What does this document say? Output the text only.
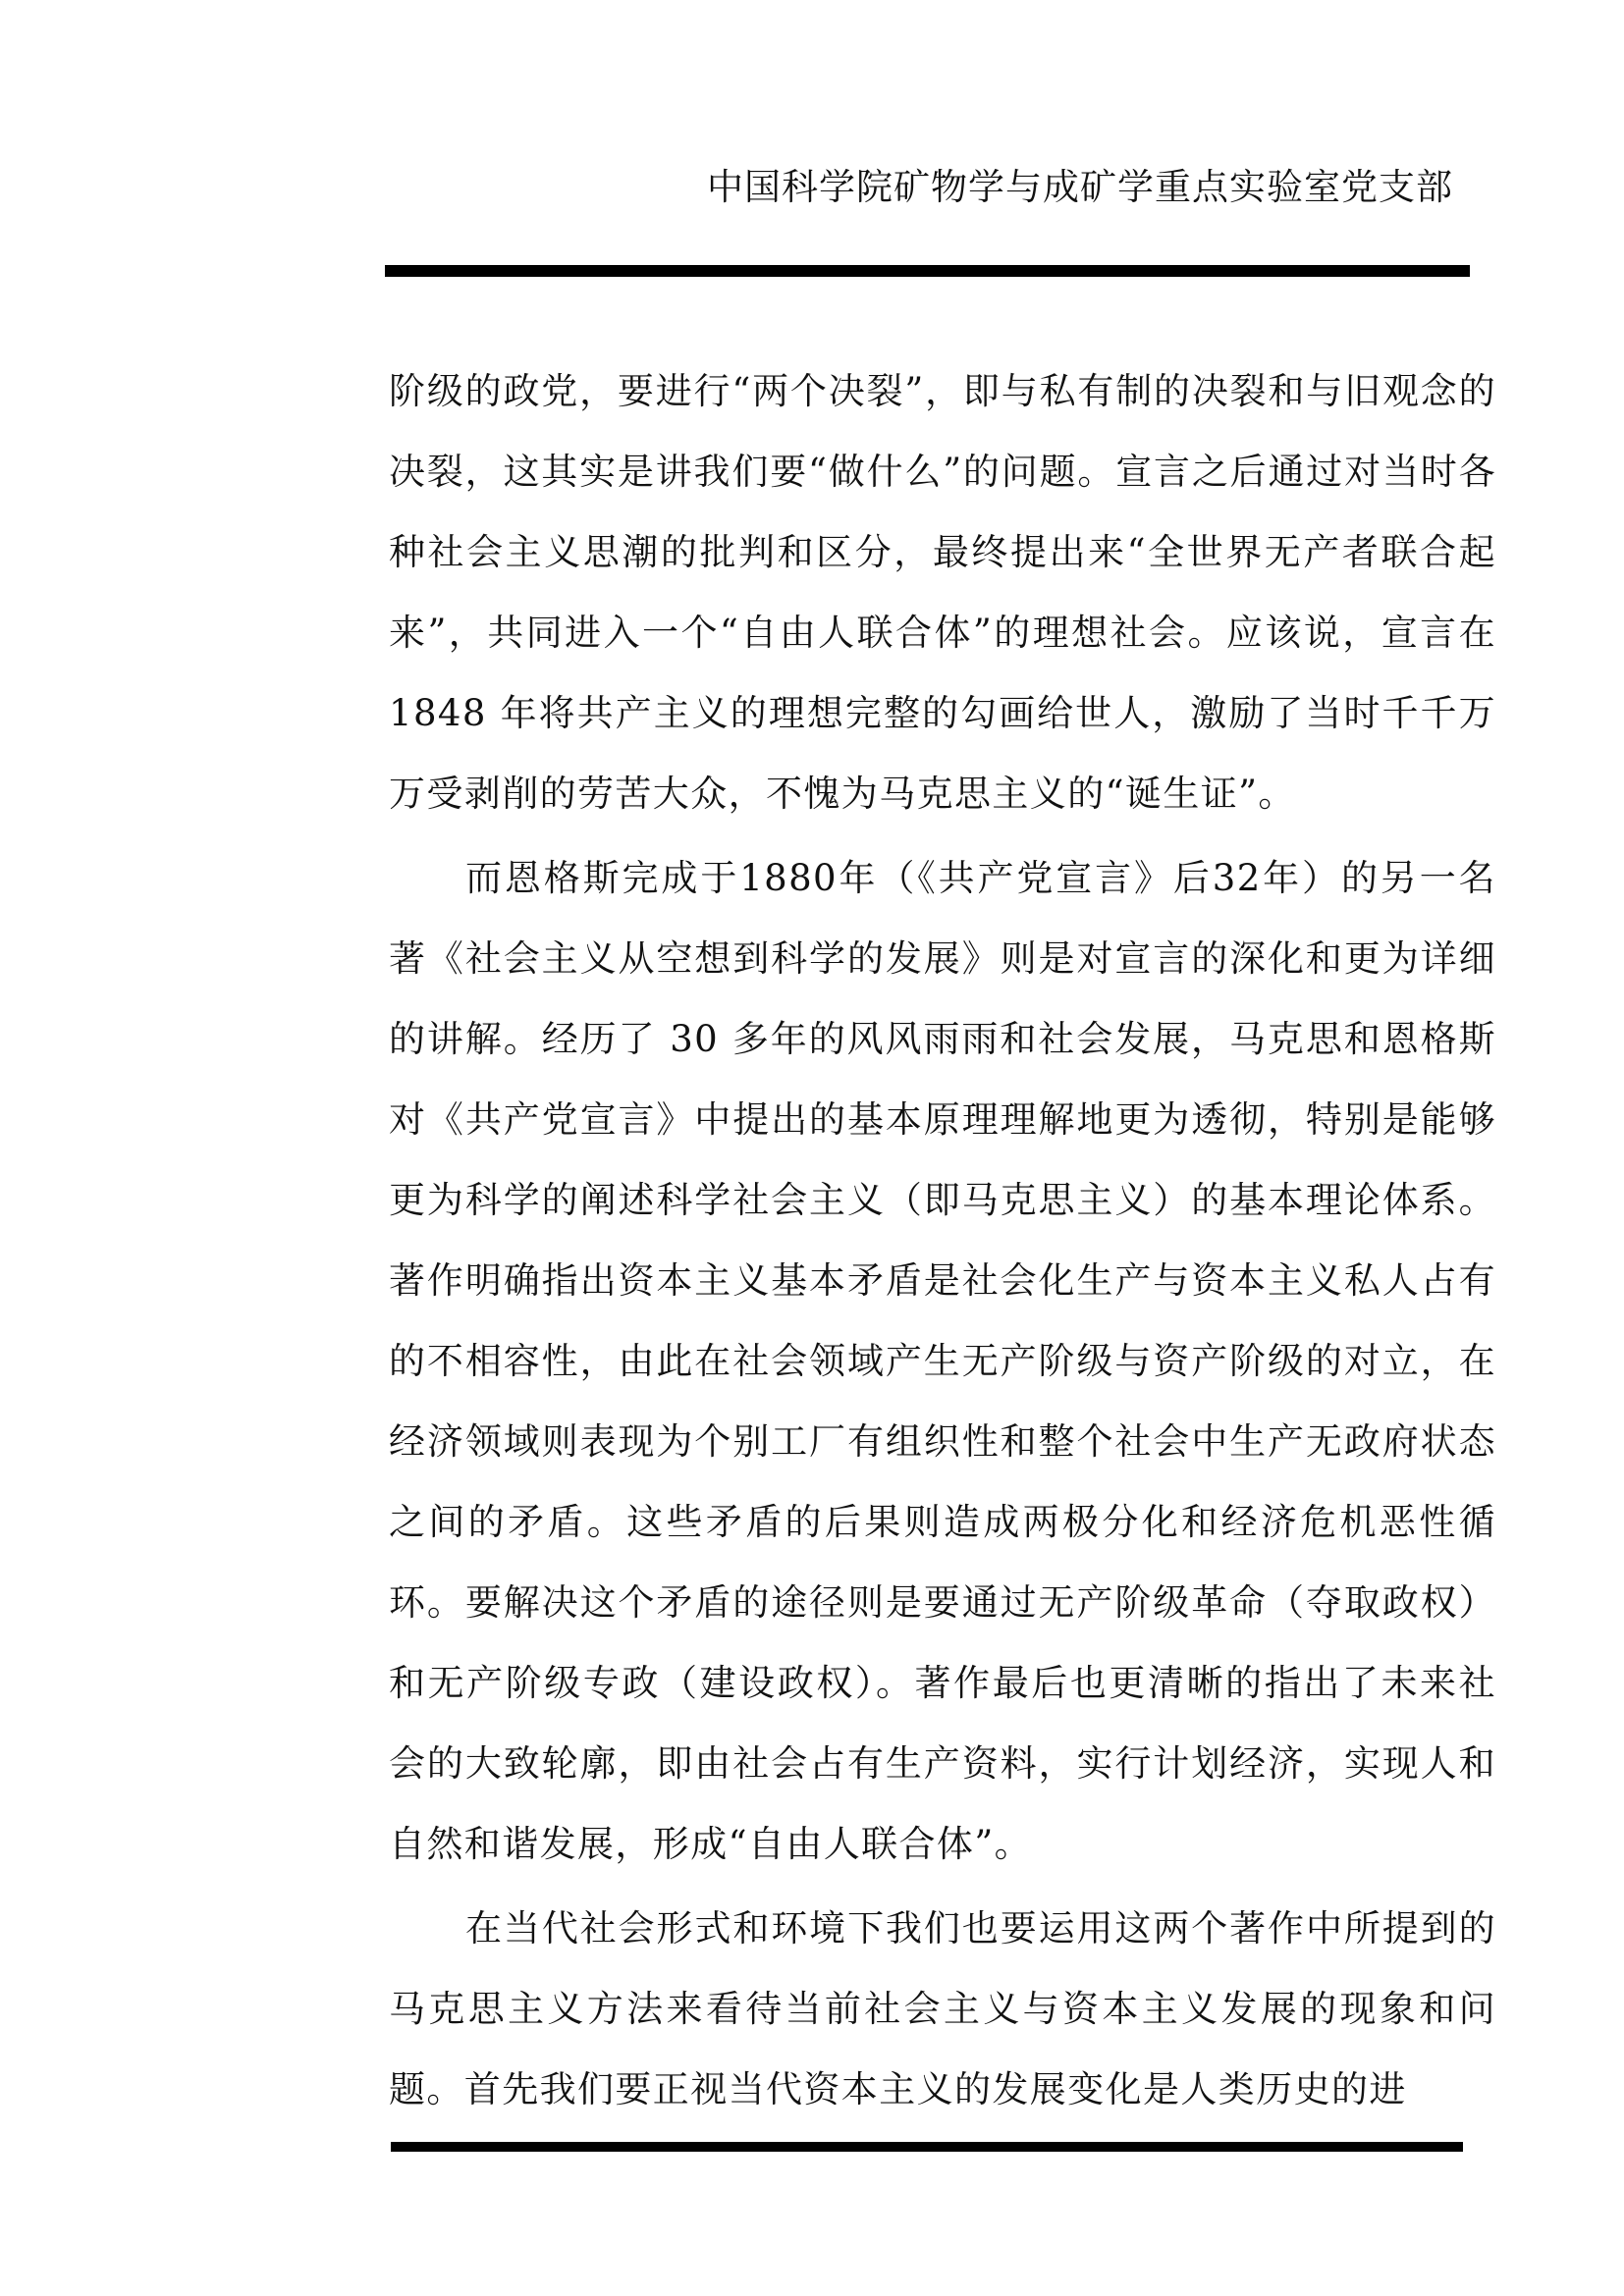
中国科学院矿物学与成矿学重点实验室党支部

阶级的政党，要进行“两个决裂”，即与私有制的决裂和与旧观念的决裂，这其实是讲我们要“做什么”的问题。宣言之后通过对当时各种社会主义思潮的批判和区分，最终提出来“全世界无产者联合起来”，共同进入一个“自由人联合体”的理想社会。应该说，宣言在 1848 年将共产主义的理想完整的勾画给世人，激励了当时千千万万受剥削的劳苦大众，不愧为马克思主义的“诞生证”。

而恩格斯完成于1880年（《共产党宣言》后32年）的另一名著《社会主义从空想到科学的发展》则是对宣言的深化和更为详细的讲解。经历了 30 多年的风风雨雨和社会发展，马克思和恩格斯对《共产党宣言》中提出的基本原理理解地更为透彻，特别是能够更为科学的阐述科学社会主义（即马克思主义）的基本理论体系。著作明确指出资本主义基本矛盾是社会化生产与资本主义私人占有的不相容性，由此在社会领域产生无产阶级与资产阶级的对立，在经济领域则表现为个别工厂有组织性和整个社会中生产无政府状态之间的矛盾。这些矛盾的后果则造成两极分化和经济危机恶性循环。要解决这个矛盾的途径则是要通过无产阶级革命（夺取政权）和无产阶级专政（建设政权）。著作最后也更清晰的指出了未来社会的大致轮廓，即由社会占有生产资料，实行计划经济，实现人和自然和谐发展，形成“自由人联合体”。

在当代社会形式和环境下我们也要运用这两个著作中所提到的马克思主义方法来看待当前社会主义与资本主义发展的现象和问题。首先我们要正视当代资本主义的发展变化是人类历史的进
